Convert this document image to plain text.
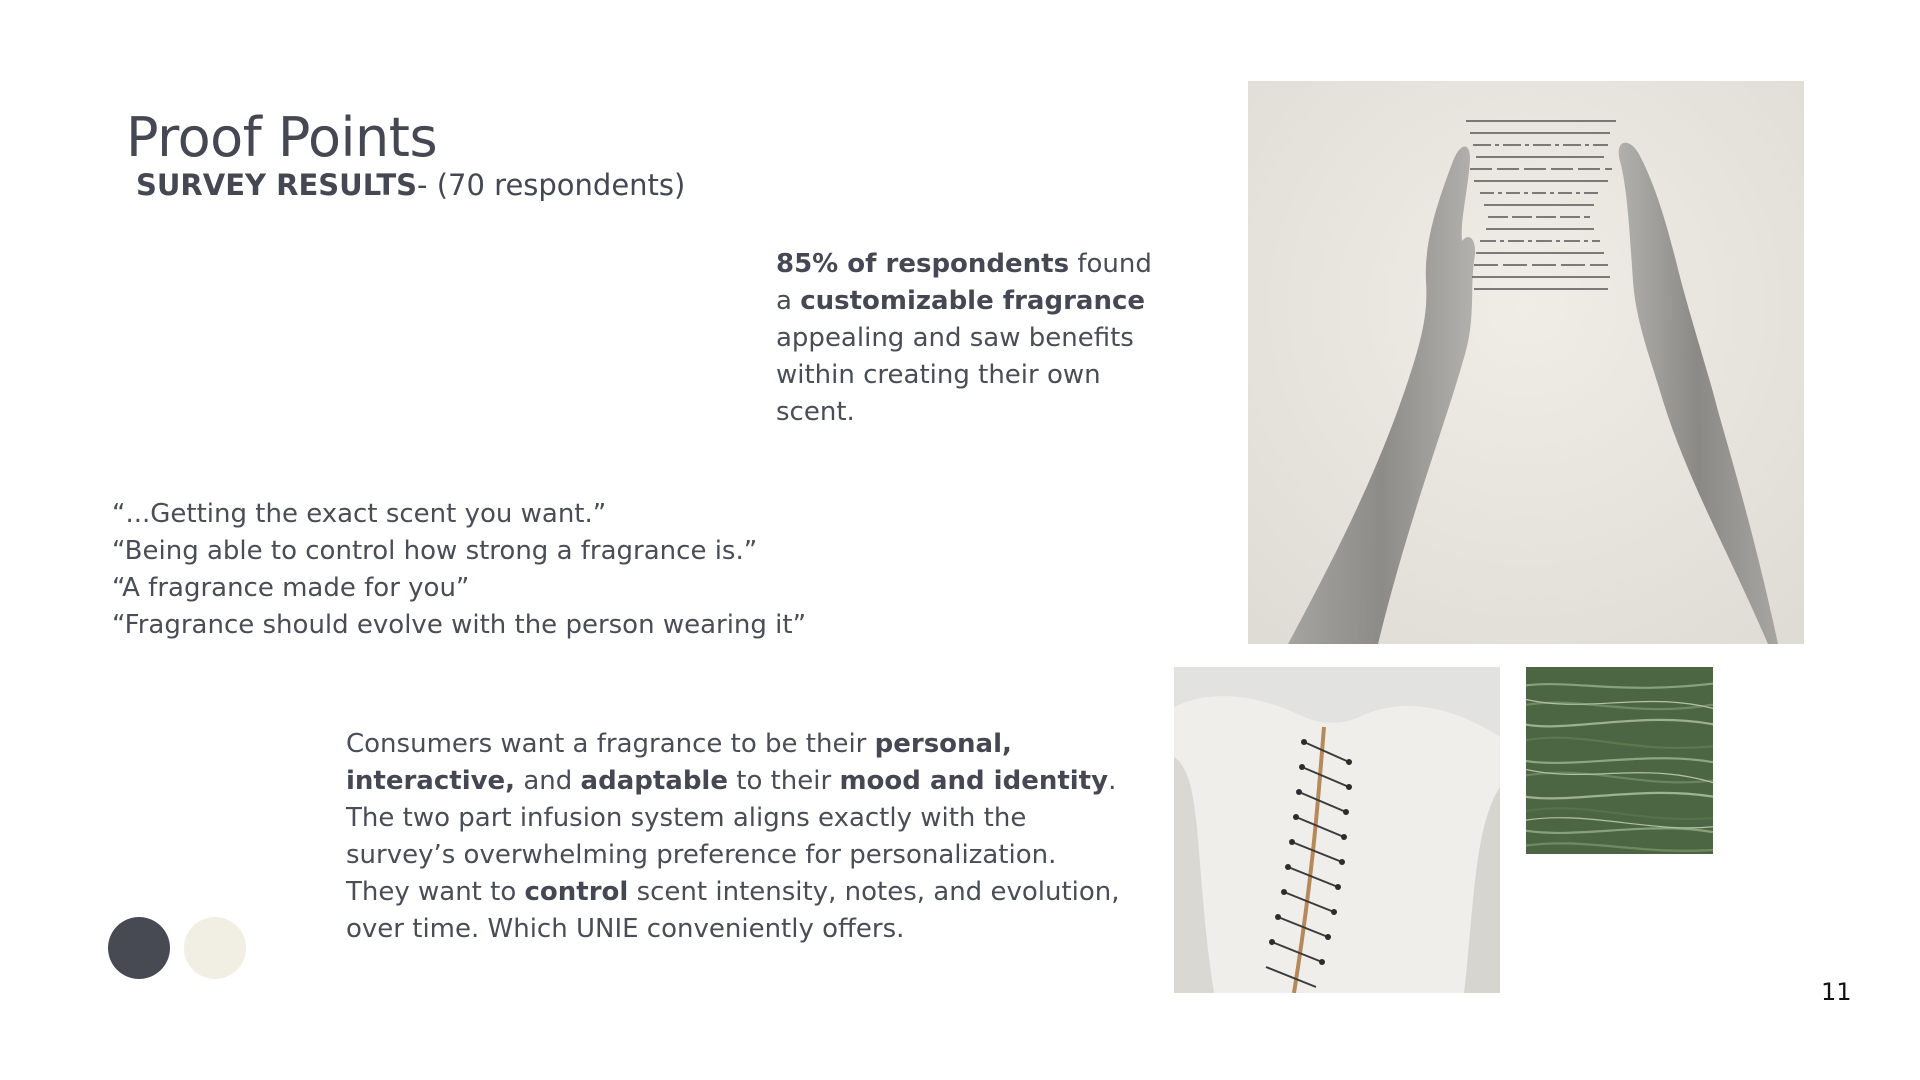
Proof Points
SURVEY RESULTS- (70 respondents)
85% of respondents found a customizable fragrance appealing and saw benefits within creating their own scent.
“...Getting the exact scent you want.”
“Being able to control how strong a fragrance is.”
“A fragrance made for you”
“Fragrance should evolve with the person wearing it”
Consumers want a fragrance to be their personal, interactive, and adaptable to their mood and identity. The two part infusion system aligns exactly with the survey’s overwhelming preference for personalization. They want to control scent intensity, notes, and evolution, over time. Which UNIE conveniently offers.
11
